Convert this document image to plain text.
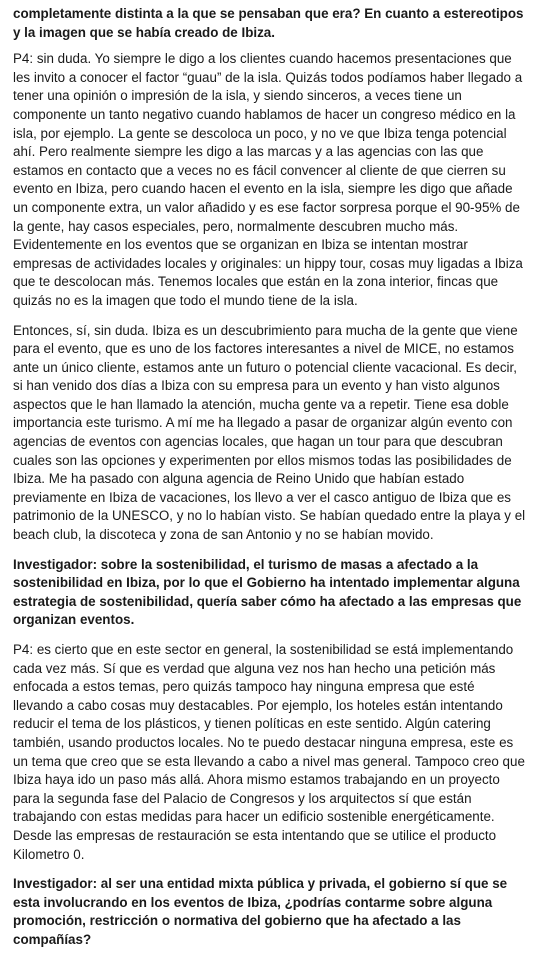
completamente distinta a la que se pensaban que era? En cuanto a estereotipos y la imagen que se había creado de Ibiza.

P4: sin duda. Yo siempre le digo a los clientes cuando hacemos presentaciones que les invito a conocer el factor “guau” de la isla. Quizás todos podíamos haber llegado a tener una opinión o impresión de la isla, y siendo sinceros, a veces tiene un componente un tanto negativo cuando hablamos de hacer un congreso médico en la isla, por ejemplo. La gente se descoloca un poco, y no ve que Ibiza tenga potencial ahí. Pero realmente siempre les digo a las marcas y a las agencias con las que estamos en contacto que a veces no es fácil convencer al cliente de que cierren su evento en Ibiza, pero cuando hacen el evento en la isla, siempre les digo que añade un componente extra, un valor añadido y es ese factor sorpresa porque el 90-95% de la gente, hay casos especiales, pero, normalmente descubren mucho más. Evidentemente en los eventos que se organizan en Ibiza se intentan mostrar empresas de actividades locales y originales: un hippy tour, cosas muy ligadas a Ibiza que te descolocan más. Tenemos locales que están en la zona interior, fincas que quizás no es la imagen que todo el mundo tiene de la isla.

Entonces, sí, sin duda. Ibiza es un descubrimiento para mucha de la gente que viene para el evento, que es uno de los factores interesantes a nivel de MICE, no estamos ante un único cliente, estamos ante un futuro o potencial cliente vacacional. Es decir, si han venido dos días a Ibiza con su empresa para un evento y han visto algunos aspectos que le han llamado la atención, mucha gente va a repetir. Tiene esa doble importancia este turismo. A mí me ha llegado a pasar de organizar algún evento con agencias de eventos con agencias locales, que hagan un tour para que descubran cuales son las opciones y experimenten por ellos mismos todas las posibilidades de Ibiza. Me ha pasado con alguna agencia de Reino Unido que habían estado previamente en Ibiza de vacaciones, los llevo a ver el casco antiguo de Ibiza que es patrimonio de la UNESCO, y no lo habían visto. Se habían quedado entre la playa y el beach club, la discoteca y zona de san Antonio y no se habían movido.

Investigador: sobre la sostenibilidad, el turismo de masas a afectado a la sostenibilidad en Ibiza, por lo que el Gobierno ha intentado implementar alguna estrategia de sostenibilidad, quería saber cómo ha afectado a las empresas que organizan eventos.

P4: es cierto que en este sector en general, la sostenibilidad se está implementando cada vez más. Sí que es verdad que alguna vez nos han hecho una petición más enfocada a estos temas, pero quizás tampoco hay ninguna empresa que esté llevando a cabo cosas muy destacables. Por ejemplo, los hoteles están intentando reducir el tema de los plásticos, y tienen políticas en este sentido. Algún catering también, usando productos locales. No te puedo destacar ninguna empresa, este es un tema que creo que se esta llevando a cabo a nivel mas general. Tampoco creo que Ibiza haya ido un paso más allá. Ahora mismo estamos trabajando en un proyecto para la segunda fase del Palacio de Congresos y los arquitectos sí que están trabajando con estas medidas para hacer un edificio sostenible energéticamente. Desde las empresas de restauración se esta intentando que se utilice el producto Kilometro 0.

Investigador: al ser una entidad mixta pública y privada, el gobierno sí que se esta involucrando en los eventos de Ibiza, ¿podrías contarme sobre alguna promoción, restricción o normativa del gobierno que ha afectado a las compañías?
